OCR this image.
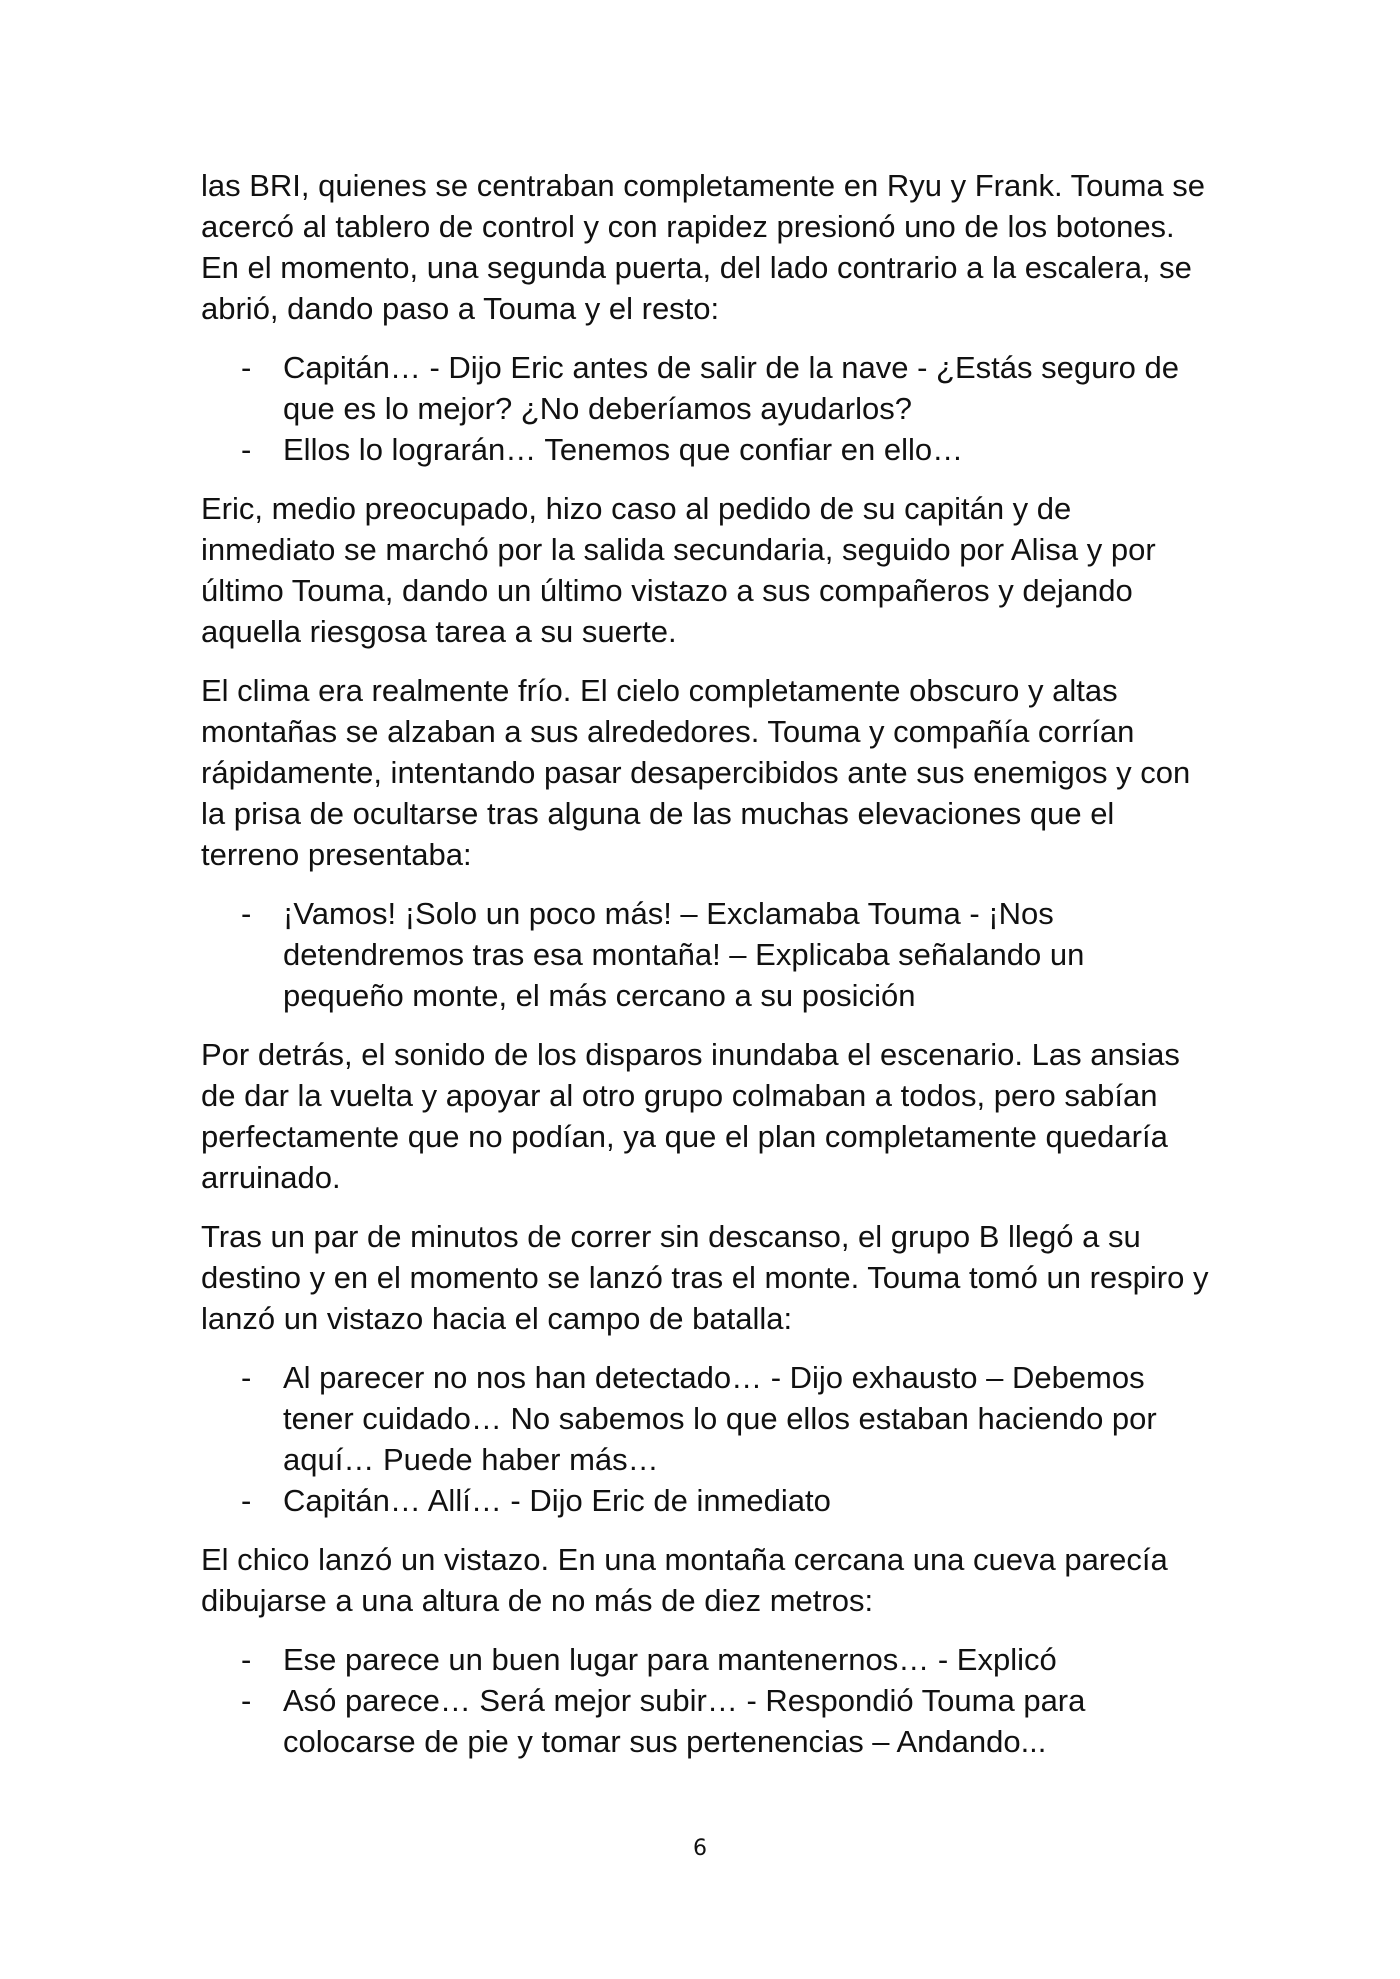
las BRI, quienes se centraban completamente en Ryu y Frank. Touma se acercó al tablero de control y con rapidez presionó uno de los botones. En el momento, una segunda puerta, del lado contrario a la escalera, se abrió, dando paso a Touma y el resto:

-	Capitán… - Dijo Eric antes de salir de la nave - ¿Estás seguro de que es lo mejor? ¿No deberíamos ayudarlos?
-	Ellos lo lograrán… Tenemos que confiar en ello…

Eric, medio preocupado, hizo caso al pedido de su capitán y de inmediato se marchó por la salida secundaria, seguido por Alisa y por último Touma, dando un último vistazo a sus compañeros y dejando aquella riesgosa tarea a su suerte.

El clima era realmente frío. El cielo completamente obscuro y altas montañas se alzaban a sus alrededores. Touma y compañía corrían rápidamente, intentando pasar desapercibidos ante sus enemigos y con la prisa de ocultarse tras alguna de las muchas elevaciones que el terreno presentaba:

-	¡Vamos! ¡Solo un poco más! – Exclamaba Touma - ¡Nos detendremos tras esa montaña! – Explicaba señalando un pequeño monte, el más cercano a su posición

Por detrás, el sonido de los disparos inundaba el escenario. Las ansias de dar la vuelta y apoyar al otro grupo colmaban a todos, pero sabían perfectamente que no podían, ya que el plan completamente quedaría arruinado.

Tras un par de minutos de correr sin descanso, el grupo B llegó a su destino y en el momento se lanzó tras el monte. Touma tomó un respiro y lanzó un vistazo hacia el campo de batalla:

-	Al parecer no nos han detectado… - Dijo exhausto – Debemos tener cuidado… No sabemos lo que ellos estaban haciendo por aquí… Puede haber más…
-	Capitán… Allí… - Dijo Eric de inmediato

El chico lanzó un vistazo. En una montaña cercana una cueva parecía dibujarse a una altura de no más de diez metros:

-	Ese parece un buen lugar para mantenernos… - Explicó
-	Asó parece… Será mejor subir… - Respondió Touma para colocarse de pie y tomar sus pertenencias – Andando...
6
